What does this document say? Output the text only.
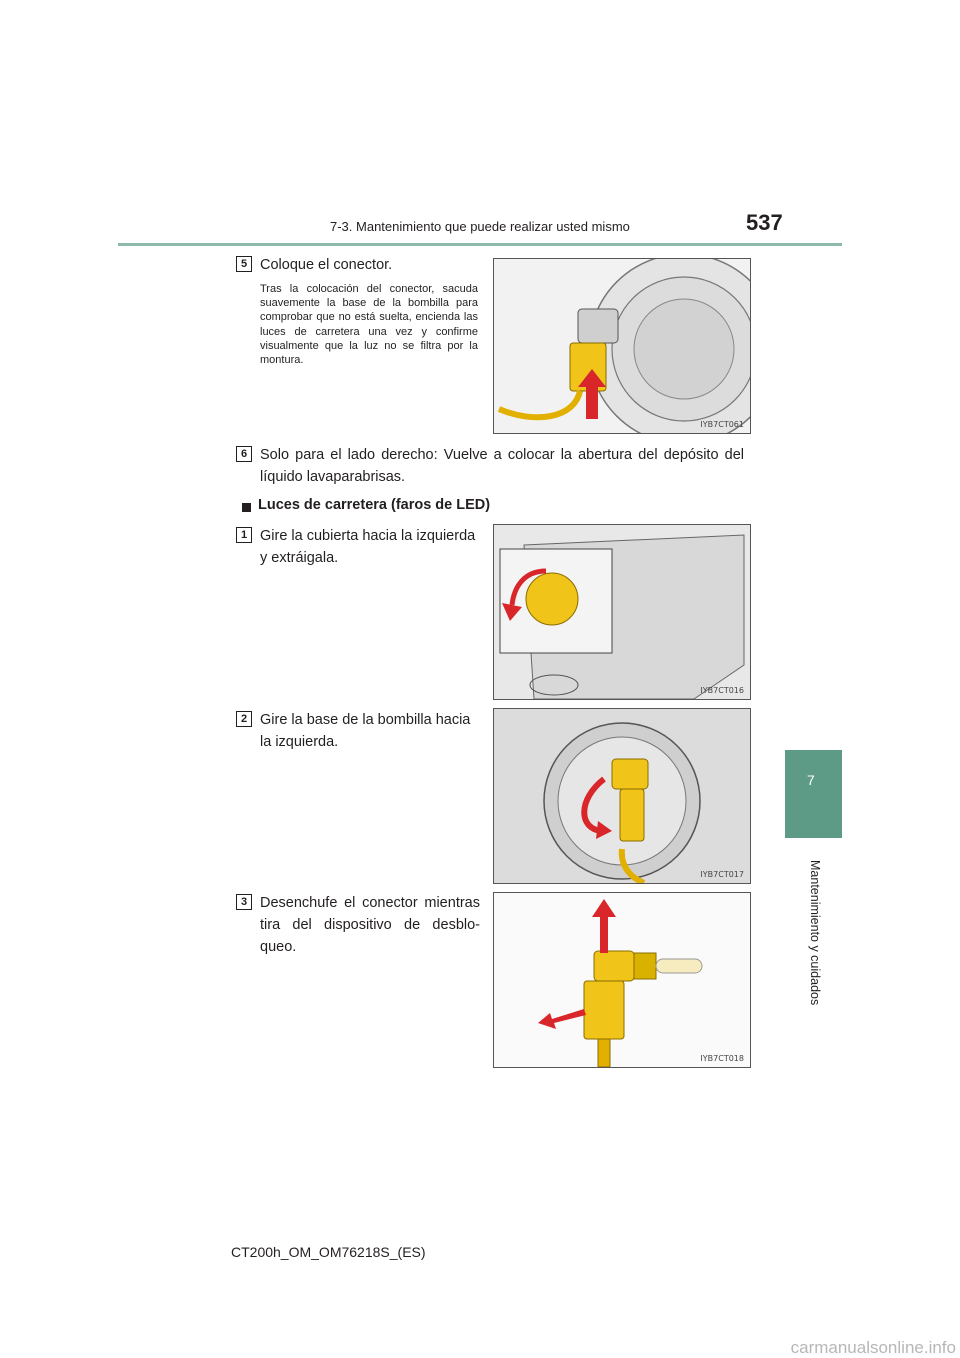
7-3. Mantenimiento que puede realizar usted mismo	537
7
Mantenimiento y cuidados
5 Coloque el conector.
Tras la colocación del conector, sacuda suavemente la base de la bombilla para comprobar que no está suelta, encienda las luces de carretera una vez y confirme visualmente que la luz no se filtra por la montura.
IYB7CT061
6 Solo para el lado derecho: Vuelve a colocar la abertura del depósito del líquido lavaparabrisas.
Luces de carretera (faros de LED)
1 Gire la cubierta hacia la izquierda y extráigala.
IYB7CT016
2 Gire la base de la bombilla hacia la izquierda.
IYB7CT017
3 Desenchufe el conector mientras tira del dispositivo de desblo-queo.
IYB7CT018
CT200h_OM_OM76218S_(ES)
carmanualsonline.info
